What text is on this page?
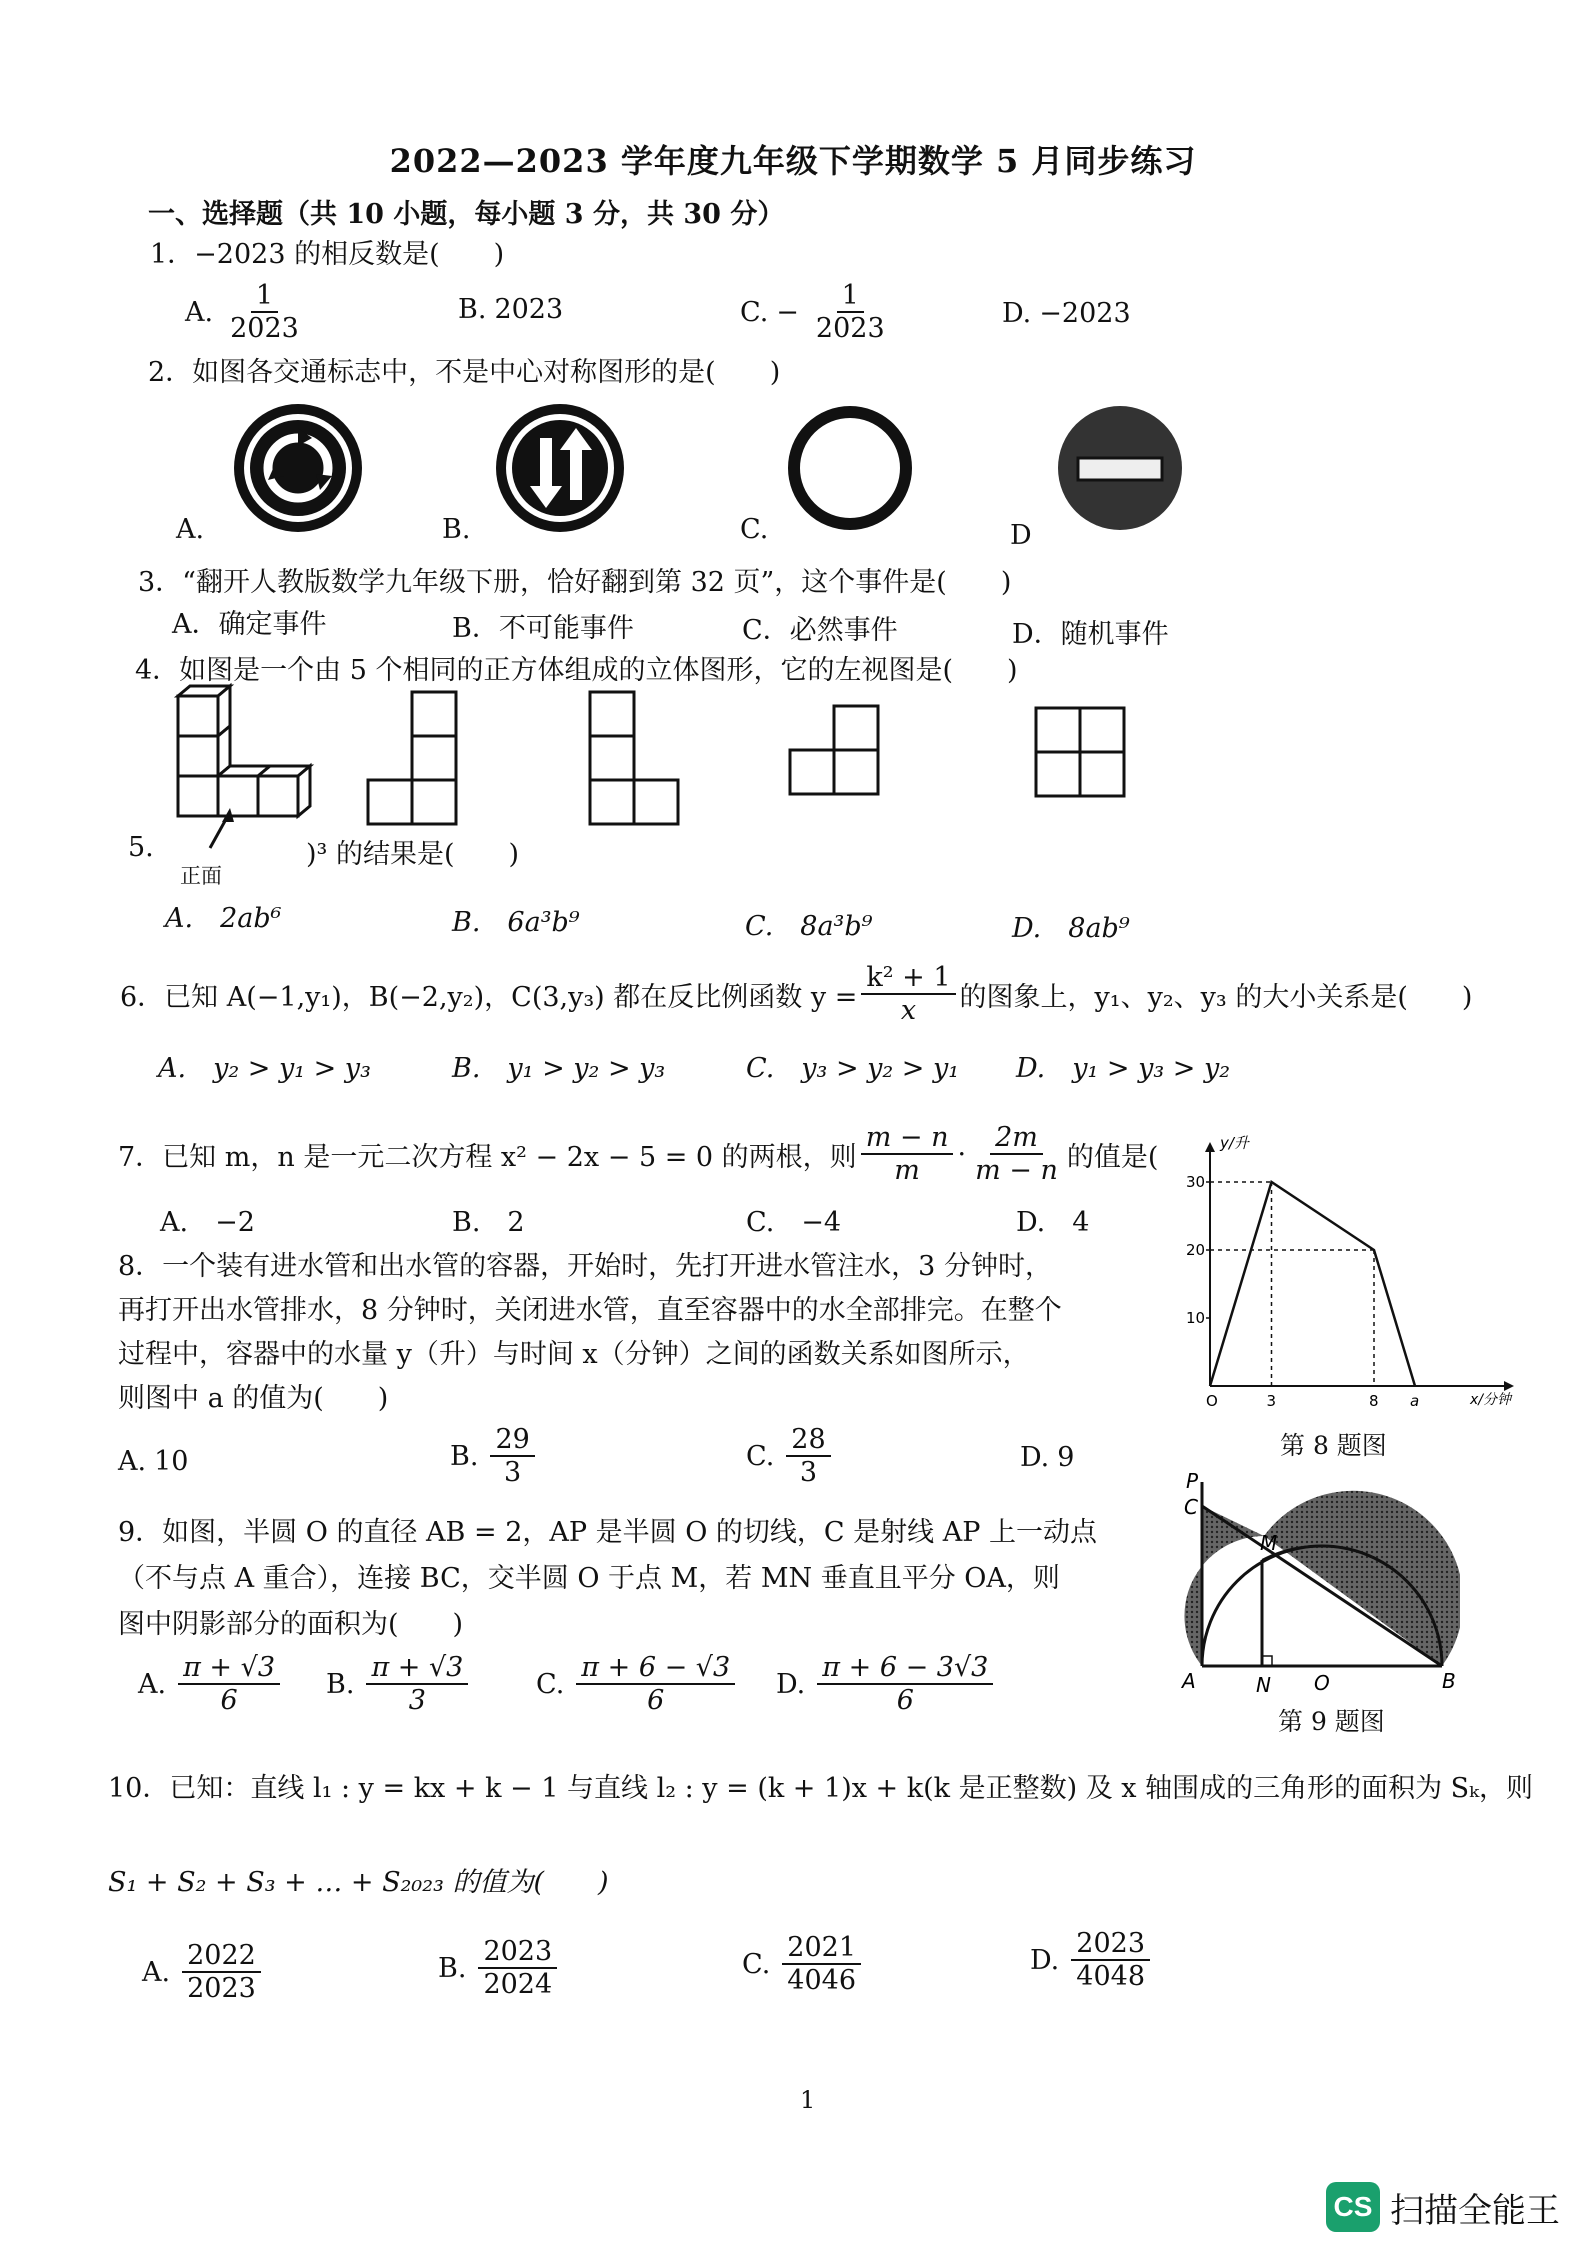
2022—2023 学年度九年级下学期数学 5 月同步练习
一、选择题（共 10 小题，每小题 3 分，共 30 分）
1．−2023 的相反数是(　　)
A. $\frac{1}{2023}$	B. 2023	C. − $\frac{1}{2023}$	D. −2023
2．如图各交通标志中，不是中心对称图形的是(　　)
A.	B.	C.	D
3．“翻开人教版数学九年级下册，恰好翻到第 32 页”，这个事件是(　　)
A．确定事件	B．不可能事件	C．必然事件	D．随机事件
4．如图是一个由 5 个相同的正方体组成的立体图形，它的左视图是(　　)
正面
5.	)³ 的结果是(　　)
A.　2ab⁶	B.　6a³b⁹	C.　8a³b⁹	D.　8ab⁹
6．已知 A(−1,y₁)，B(−2,y₂)，C(3,y₃) 都在反比例函数 $y = \frac{\text{k² + 1}}{x}$ 的图象上，y₁、y₂、y₃ 的大小关系是(　　)
A.　y₂ > y₁ > y₃	B.　y₁ > y₂ > y₃	C.　y₃ > y₂ > y₁ D.　y₁ > y₃ > y₂
7．已知 m，n 是一元二次方程 x² − 2x − 5 = 0 的两根，则 $\frac{m - n}{m} \cdot \frac{2m}{m - n}$ 的值是(
A.　−2	B.　2	C.　−4	D.　4
8．一个装有进水管和出水管的容器，开始时，先打开进水管注水，3 分钟时，
再打开出水管排水，8 分钟时，关闭进水管，直至容器中的水全部排完。在整个
过程中，容器中的水量 y（升）与时间 x（分钟）之间的函数关系如图所示，
则图中 a 的值为(　　)
A. 10	B. $\frac{29}{3}$	C. $\frac{28}{3}$	D. 9
y/升
x/分钟
30
20
10
O	3	8 a
第 8 题图
9．如图，半圆 O 的直径 AB = 2，AP 是半圆 O 的切线，C 是射线 AP 上一动点
（不与点 A 重合），连接 BC，交半圆 O 于点 M，若 MN 垂直且平分 OA，则
图中阴影部分的面积为(　　)
A. $\frac{\pi + √3}{6} B$. $\frac{\pi + √3}{3}$	C. $\frac{\pi + 6 - √3}{6} D$. $\frac{\pi + 6 - 3√3}{6}$
P
C
M
A	N O	B
第 9 题图
10．已知：直线 l₁ : y = kx + k − 1 与直线 l₂ : y = (k + 1)x + k(k 是正整数) 及 x 轴围成的三角形的面积为 Sₖ，则
S₁ + S₂ + S₃ + … + S₂₀₂₃ 的值为(　　)
A. $\frac{2022}{2023}$	B. $\frac{2023}{2024}$	C. $\frac{2021}{4046}$	D. $\frac{2023}{4048}$
1
CS 扫描全能王
